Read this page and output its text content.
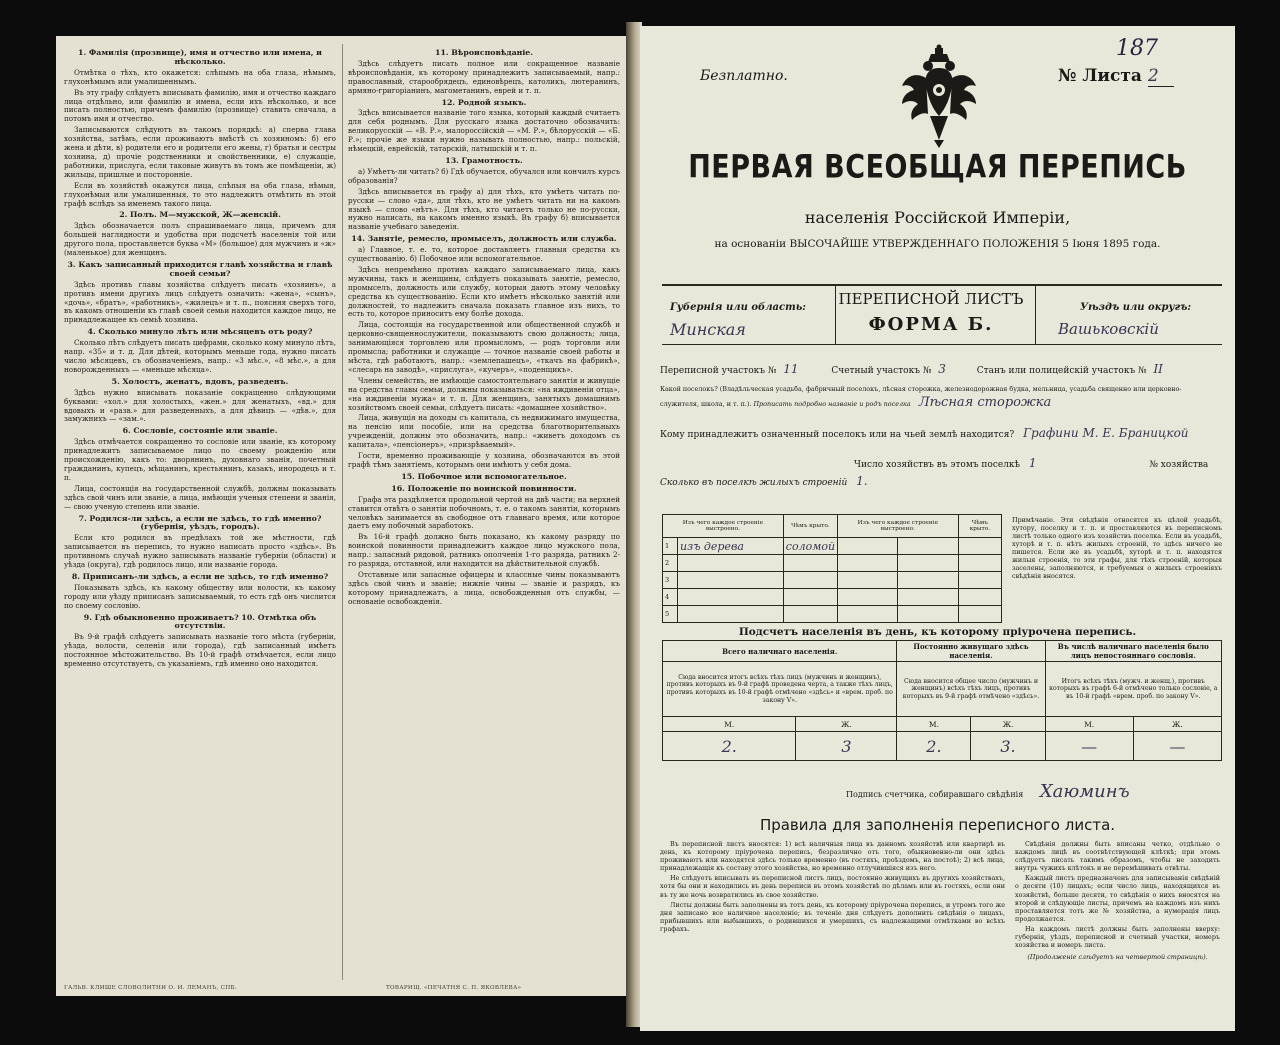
1. Фамилія (прозвище), имя и отчество или имена, и нѣсколько.

Отмѣтка о тѣхъ, кто окажется: слѣпымъ на оба глаза, нѣмымъ, глухонѣмымъ или умалишеннымъ.

Въ эту графу слѣдуетъ вписывать фамилію, имя и отчество каждаго лица отдѣльно, или фамилію и имена, если ихъ нѣсколько, и все писать полностью, причемъ фамилію (прозвище) ставить сначала, а потомъ имя и отчество.

Записываются слѣдуютъ въ такомъ порядкѣ: а) сперва глава хозяйства, затѣмъ, если проживаютъ вмѣстѣ съ хозяиномъ: б) его жена и дѣти, в) родители его и родители его жены, г) братья и сестры хозяина, д) прочіе родственники и свойственники, е) служащіе, работники, прислуга, если таковые живутъ въ томъ же помѣщеніи, ж) жильцы, пришлые и посторонніе.

Если въ хозяйствѣ окажутся лица, слѣпыя на оба глаза, нѣмыя, глухонѣмыя или умалишенныя, то это надлежитъ отмѣтить въ этой графѣ вслѣдъ за именемъ такого лица.

2. Полъ. М—мужской, Ж—женскій.

Здѣсь обозначается полъ спрашиваемаго лица, причемъ для большей наглядности и удобства при подсчетѣ населенія той или другого пола, проставляется буква «М» (большое) для мужчинъ и «ж» (маленькое) для женщинъ.

3. Какъ записанный приходится главѣ хозяйства и главѣ своей семьи?

Здѣсь противъ главы хозяйства слѣдуетъ писать «хозяинъ», а противъ имени другихъ лицъ слѣдуетъ означить: «жена», «сынъ», «дочь», «братъ», «работникъ», «жилецъ» и т. п., поясняя сверхъ того, въ какомъ отношеніи къ главѣ своей семьи находится каждое лицо, не принадлежащее къ семьѣ хозяина.

4. Сколько минуло лѣтъ или мѣсяцевъ отъ роду?

Сколько лѣтъ слѣдуетъ писать цифрами, сколько кому минуло лѣтъ, напр. «35» и т. д. Для дѣтей, которымъ меньше года, нужно писать число мѣсяцевъ, съ обозначеніемъ, напр.: «3 мѣс.», «8 мѣс.», а для новорожденныхъ — «меньше мѣсяца».

5. Холостъ, женатъ, вдовъ, разведенъ.

Здѣсь нужно вписывать показаніе сокращенно слѣдующими буквами: «хол.» для холостыхъ, «жен.» для женатыхъ, «вд.» для вдовыхъ и «разв.» для разведенныхъ, а для дѣвицъ — «дѣв.», для замужнихъ — «зам.».

6. Сословіе, состояніе или званіе.

Здѣсь отмѣчается сокращенно то сословіе или званіе, къ которому принадлежитъ записываемое лицо по своему рожденію или происхожденію, какъ то: дворянинъ, духовнаго званія, почетный гражданинъ, купецъ, мѣщанинъ, крестьянинъ, казакъ, инородецъ и т. п.

Лица, состоящія на государственной службѣ, должны показывать здѣсь свой чинъ или званіе, а лица, имѣющія ученыя степени и званія, — свою ученую степень или званіе.

7. Родился-ли здѣсь, а если не здѣсь, то гдѣ именно? (губернія, уѣздъ, городъ).

Если кто родился въ предѣлахъ той же мѣстности, гдѣ записывается въ перепись, то нужно написать просто «здѣсь». Въ противномъ случаѣ нужно записывать названіе губерніи (области) и уѣзда (округа), гдѣ родилось лицо, или названіе города.

8. Приписанъ-ли здѣсь, а если не здѣсь, то гдѣ именно?

Показывать здѣсь, къ какому обществу или волости, къ какому городу или уѣзду приписанъ записываемый, то есть гдѣ онъ числится по своему сословію.

9. Гдѣ обыкновенно проживаетъ? 10. Отмѣтка объ отсутствіи.

Въ 9-й графѣ слѣдуетъ записывать названіе того мѣста (губерніи, уѣзда, волости, селенія или города), гдѣ записанный имѣетъ постоянное мѣстожительство. Въ 10-й графѣ отмѣчается, если лицо временно отсутствуетъ, съ указаніемъ, гдѣ именно оно находится.

11. Вѣроисповѣданіе.

Здѣсь слѣдуетъ писать полное или сокращенное названіе вѣроисповѣданія, къ которому принадлежитъ записываемый, напр.: православный, старообрядецъ, единовѣрецъ, католикъ, лютеранинъ, армяно-григоріанинъ, магометанинъ, еврей и т. п.

12. Родной языкъ.

Здѣсь вписывается названіе того языка, который каждый считаетъ для себя роднымъ. Для русскаго языка достаточно обозначить: великорусскій — «В. Р.», малороссійскій — «М. Р.», бѣлорусскій — «Б. Р.»; прочіе же языки нужно называть полностью, напр.: польскій, нѣмецкій, еврейскій, татарскій, латышскій и т. п.

13. Грамотность.

а) Умѣетъ-ли читать? б) Гдѣ обучается, обучался или кончилъ курсъ образованія?

Здѣсь вписывается въ графу а) для тѣхъ, кто умѣетъ читать по-русски — слово «да», для тѣхъ, кто не умѣетъ читать ни на какомъ языкѣ — слово «нѣтъ». Для тѣхъ, кто читаетъ только не по-русски, нужно написать, на какомъ именно языкѣ. Въ графу б) вписывается названіе учебнаго заведенія.

14. Занятіе, ремесло, промыселъ, должность или служба.

а) Главное, т. е. то, которое доставляетъ главныя средства къ существованію. б) Побочное или вспомогательное.

Здѣсь непремѣнно противъ каждаго записываемаго лица, какъ мужчины, такъ и женщины, слѣдуетъ показывать занятіе, ремесло, промыселъ, должность или службу, которыя даютъ этому человѣку средства къ существованію. Если кто имѣетъ нѣсколько занятій или должностей, то надлежитъ сначала показать главное изъ нихъ, то есть то, которое приноситъ ему болѣе дохода.

Лица, состоящія на государственной или общественной службѣ и церковно-священнослужители, показываютъ свою должность; лица, занимающіяся торговлею или промысломъ, — родъ торговли или промысла; работники и служащіе — точное названіе своей работы и мѣста, гдѣ работаютъ, напр.: «землепашецъ», «ткачъ на фабрикѣ», «слесарь на заводѣ», «прислуга», «кучеръ», «поденщикъ».

Члены семействъ, не имѣющіе самостоятельнаго занятія и живущіе на средства главы семьи, должны показываться: «на иждивеніи отца», «на иждивеніи мужа» и т. п. Для женщинъ, занятыхъ домашнимъ хозяйствомъ своей семьи, слѣдуетъ писать: «домашнее хозяйство».

Лица, живущія на доходы съ капитала, съ недвижимаго имущества, на пенсію или пособіе, или на средства благотворительныхъ учрежденій, должны это обозначить, напр.: «живетъ доходомъ съ капитала», «пенсіонеръ», «призрѣваемый».

Гости, временно проживающіе у хозяина, обозначаются въ этой графѣ тѣмъ занятіемъ, которымъ они имѣютъ у себя дома.

15. Побочное или вспомогательное.
16. Положеніе по воинской повинности.

Графа эта раздѣляется продольной чертой на двѣ части; на верхней ставится отвѣтъ о занятіи побочномъ, т. е. о такомъ занятіи, которымъ человѣкъ занимается въ свободное отъ главнаго время, или которое даетъ ему побочный заработокъ.

Въ 16-й графѣ должно быть показано, къ какому разряду по воинской повинности принадлежитъ каждое лицо мужского пола, напр.: запасный рядовой, ратникъ ополченія 1-го разряда, ратникъ 2-го разряда, отставной, или находится на дѣйствительной службѣ.

Отставные или запасные офицеры и классные чины показываютъ здѣсь свой чинъ и званіе; нижніе чины — званіе и разрядъ, къ которому принадлежатъ, а лица, освобожденныя отъ службы, — основаніе освобожденія.

ГАЛЬВ. КЛИШЕ СЛОВОЛИТНИ О. И. ЛЕМАНЪ, СПБ.	ТОВАРИЩ. «ПЕЧАТНЯ С. П. ЯКОВЛЕВА»
Безплатно.
187
№ Листа 2
ПЕРВАЯ ВСЕОБЩАЯ ПЕРЕПИСЬ
населенія Россійской Имперіи,
на основаніи ВЫСОЧАЙШЕ УТВЕРЖДЕННАГО ПОЛОЖЕНІЯ 5 Іюня 1895 года.
Губернія или область:
Минская
ПЕРЕПИСНОЙ ЛИСТЪ
ФОРМА Б.
Уѣздъ или округъ:
Вашьковскій
Переписной участокъ № 11	Счетный участокъ № 3	Станъ или полицейскій участокъ № II
Какой поселокъ? (Владѣльческая усадьба, фабричный поселокъ, лѣсная сторожка, железнодорожная будка, мельница, усадьба священно или церковно-служителя, школа, и т. п.). Прописать подробно названіе и родъ поселка Лѣсная сторожка
Кому принадлежитъ означенный поселокъ или на чьей землѣ находится? Графини М. Е. Браницкой
Число хозяйствъ въ этомъ поселкѣ 1	№ хозяйства
Сколько въ поселкѣ жилыхъ строеній 1.
Изъ чего каждое строеніе выстроено.		Чѣмъ крыто.	Изъ чего каждое строеніе выстроено.		Чѣмъ крыто.
1	изъ дерева	соломой			
2					
3					
4					
5					
Примѣчаніе. Эти свѣдѣнія относятся къ цѣлой усадьбѣ, хутору, поселку и т. п. и проставляются въ переписномъ листѣ только одного изъ хозяйствъ поселка. Если въ усадьбѣ, хуторѣ и т. п. нѣтъ жилыхъ строеній, то здѣсь ничего не пишется. Если же въ усадьбѣ, хуторѣ и т. п. находятся жилыя строенія, то эти графы, для тѣхъ строеній, которыя заселены, заполняются, и требуемыя о жилыхъ строеніяхъ свѣдѣнія вносятся.
Подсчетъ населенія въ день, къ которому пріурочена перепись.
Всего наличнаго населенія.		Постоянно живущаго здѣсь населенія.		Въ числѣ наличнаго населенія было лицъ непостояннаго сословія.	
Сюда вносится итогъ всѣхъ тѣхъ лицъ (мужчинъ и женщинъ), противъ которыхъ въ 9-й графѣ проведена черта, а также тѣхъ лицъ, противъ которыхъ въ 10-й графѣ отмѣчено «здѣсь» и «врем. проб. по закону V».		Сюда вносится общее число (мужчинъ и женщинъ) всѣхъ тѣхъ лицъ, противъ которыхъ въ 9-й графѣ отмѣчено «здѣсь».		Итогъ всѣхъ тѣхъ (мужч. и женщ.), противъ которыхъ въ графѣ 6-й отмѣчено только сословіе, а въ 10-й графѣ «врем. проб. по закону V».	
М.	Ж.	М.	Ж.	М.	Ж.
2.	3	2.	3.	—	—
Подпись счетчика, собиравшаго свѣдѣнія Хаюминъ
Правила для заполненія переписного листа.

Въ переписной листъ вносятся: 1) всѣ наличныя лица въ данномъ хозяйствѣ или квартирѣ въ день, къ которому пріурочена перепись, безразлично отъ того, обыкновенно-ли они здѣсь проживаютъ или находятся здѣсь только временно (въ гостяхъ, проѣздомъ, на постоѣ); 2) всѣ лица, принадлежащія къ составу этого хозяйства, но временно отлучившіяся изъ него.

Не слѣдуетъ вписывать въ переписной листъ лицъ, постоянно живущихъ въ другихъ хозяйствахъ, хотя бы они и находились въ день переписи въ этомъ хозяйствѣ по дѣламъ или въ гостяхъ, если они въ ту же ночь возвратились въ свое хозяйство.

Листы должны быть заполнены въ тотъ день, къ которому пріурочена перепись, и утромъ того же дня записано все наличное населеніе; въ теченіе дня слѣдуетъ дополнить свѣдѣнія о лицахъ, прибывшихъ или выбывшихъ, о родившихся и умершихъ, съ надлежащими отмѣтками во всѣхъ графахъ.

Свѣдѣнія должны быть вписаны четко, отдѣльно о каждомъ лицѣ въ соотвѣтствующей клѣткѣ; при этомъ слѣдуетъ писать такимъ образомъ, чтобы не заходить внутрь чужихъ клѣтокъ и не перемѣшивать отвѣты.

Каждый листъ предназначенъ для записыванія свѣдѣній о десяти (10) лицахъ; если число лицъ, находящихся въ хозяйствѣ, больше десяти, то свѣдѣнія о нихъ вносятся на второй и слѣдующіе листы, причемъ на каждомъ изъ нихъ проставляется тотъ же № хозяйства, а нумерація лицъ продолжается.

На каждомъ листѣ должны быть заполнены вверху: губернія, уѣздъ, переписной и счетный участки, номеръ хозяйства и номеръ листа.

(Продолженіе слѣдуетъ на четвертой страницѣ).
